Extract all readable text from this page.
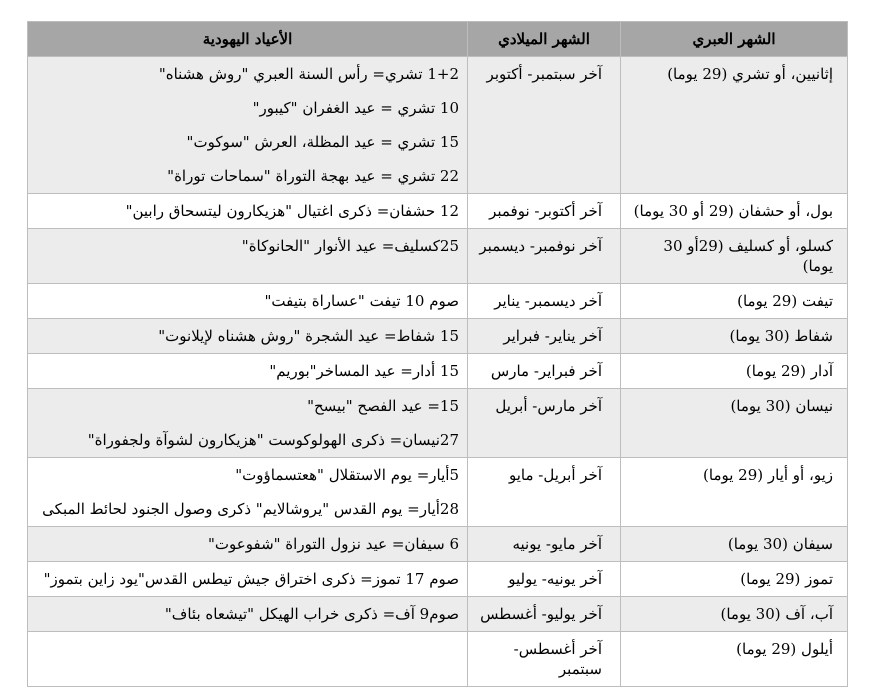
الشهر العبري	الشهر الميلادي	الأعياد اليهودية
إثانيين، أو تشري (29 يوما)	آخر سبتمبر- أكتوبر	1+2 تشري= رأس السنة العبري "روش هشناه"
10 تشري = عيد الغفران "كيبور"
15 تشري = عيد المظلة، العرش "سوكوت"
22 تشري = عيد بهجة التوراة "سماحات توراة"

بول، أو حشفان (29 أو 30 يوما)	آخر أكتوبر- نوفمبر	12 حشفان= ذكرى اغتيال "هزيكارون ليتسحاق رابين"

كسلو، أو كسليف (29أو 30 يوما)	آخر نوفمبر- ديسمبر	25كسليف= عيد الأنوار "الحانوكاة"

تيفت (29 يوما)	آخر ديسمبر- يناير	صوم 10 تيفت "عساراة بتيفت"

شفاط (30 يوما)	آخر يناير- فبراير	15 شفاط= عيد الشجرة "روش هشناه لإيلانوت"

آدار (29 يوما)	آخر فبراير- مارس	15 أدار= عيد المساخر"بوريم"

نيسان (30 يوما)	آخر مارس- أبريل	15= عيد الفصح "بيسح"
27نيسان= ذكرى الهولوكوست "هزيكارون لشوآة ولجفوراة"

زيو، أو أيار (29 يوما)	آخر أبريل- مايو	5أيار= يوم الاستقلال "هعتسماؤوت"
28أيار= يوم القدس "يروشالايم" ذكرى وصول الجنود لحائط المبكى

سيفان (30 يوما)	آخر مايو- يونيه	6 سيفان= عيد نزول التوراة "شفوعوت"

تموز (29 يوما)	آخر يونيه- يوليو	صوم 17 تموز= ذكرى اختراق جيش تيطس القدس"يود زاين بتموز"

آب، آف (30 يوما)	آخر يوليو- أغسطس	صوم9 آف= ذكرى خراب الهيكل "تيشعاه بئاف"

أيلول (29 يوما)	آخر أغسطس- سبتمبر	
